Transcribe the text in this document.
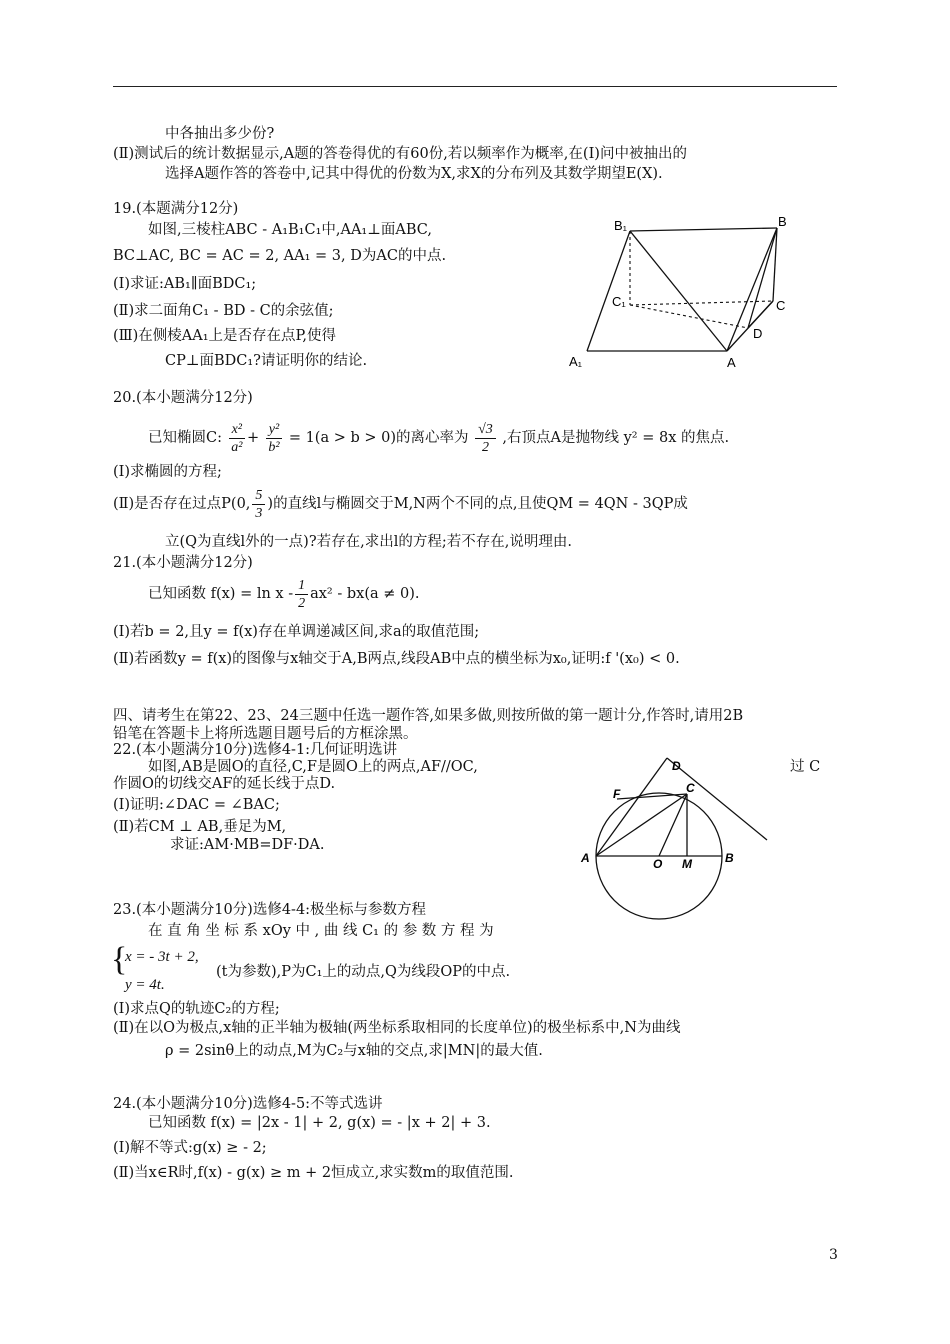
中各抽出多少份?
(Ⅱ)测试后的统计数据显示,A题的答卷得优的有60份,若以频率作为概率,在(Ⅰ)问中被抽出的
选择A题作答的答卷中,记其中得优的份数为X,求X的分布列及其数学期望E(X).
19.(本题满分12分)
如图,三棱柱ABC - A₁B₁C₁中,AA₁⊥面ABC,
BC⊥AC, BC = AC = 2, AA₁ = 3, D为AC的中点.
(Ⅰ)求证:AB₁∥面BDC₁;
(Ⅱ)求二面角C₁ - BD - C的余弦值;
(Ⅲ)在侧棱AA₁上是否存在点P,使得
CP⊥面BDC₁?请证明你的结论.
B₁	B
C₁	C
D
A₁	A
20.(本小题满分12分)
已知椭圆C: $\frac{\text{x²}}{\text{a²}} + \frac{\text{y²}}{\text{b²}} = 1(a > b > 0)$的离心率为 $\frac{√3}{2}$ ,右顶点A是抛物线 y² = 8x 的焦点.
(Ⅰ)求椭圆的方程;
(Ⅱ)是否存在过点P(0, $\frac{5}{3}$ )的直线l与椭圆交于M,N两个不同的点,且使QM = 4QN - 3QP成
立(Q为直线l外的一点)?若存在,求出l的方程;若不存在,说明理由.
21.(本小题满分12分)
已知函数 $f(x) = \ln x - \frac{1}{2} ax^2 - bx(a \ne 0)$.
(Ⅰ)若b = 2,且y = f(x)存在单调递减区间,求a的取值范围;
(Ⅱ)若函数y = f(x)的图像与x轴交于A,B两点,线段AB中点的横坐标为x₀,证明:f '(x₀) < 0.
四、请考生在第22、23、24三题中任选一题作答,如果多做,则按所做的第一题计分,作答时,请用2B
铅笔在答题卡上将所选题目题号后的方框涂黑。
22.(本小题满分10分)选修4-1:几何证明选讲
如图,AB是圆O的直径,C,F是圆O上的两点,AF//OC,	过 C
作圆O的切线交AF的延长线于点D.
(Ⅰ)证明:∠DAC = ∠BAC;
(Ⅱ)若CM ⊥ AB,垂足为M,
求证:AM·MB=DF·DA.
D
F	C
A	O M	B
23.(本小题满分10分)选修4-4:极坐标与参数方程
在 直 角 坐 标 系 xOy 中 , 曲 线 C₁ 的 参 数 方 程 为
{
x = - 3t + 2,
y = 4t.
(t为参数),P为C₁上的动点,Q为线段OP的中点.
(Ⅰ)求点Q的轨迹C₂的方程;
(Ⅱ)在以O为极点,x轴的正半轴为极轴(两坐标系取相同的长度单位)的极坐标系中,N为曲线
ρ = 2sinθ上的动点,M为C₂与x轴的交点,求|MN|的最大值.
24.(本小题满分10分)选修4-5:不等式选讲
已知函数 f(x) = |2x - 1| + 2, g(x) = - |x + 2| + 3.
(Ⅰ)解不等式:g(x) ≥ - 2;
(Ⅱ)当x∈R时,f(x) - g(x) ≥ m + 2恒成立,求实数m的取值范围.
3
